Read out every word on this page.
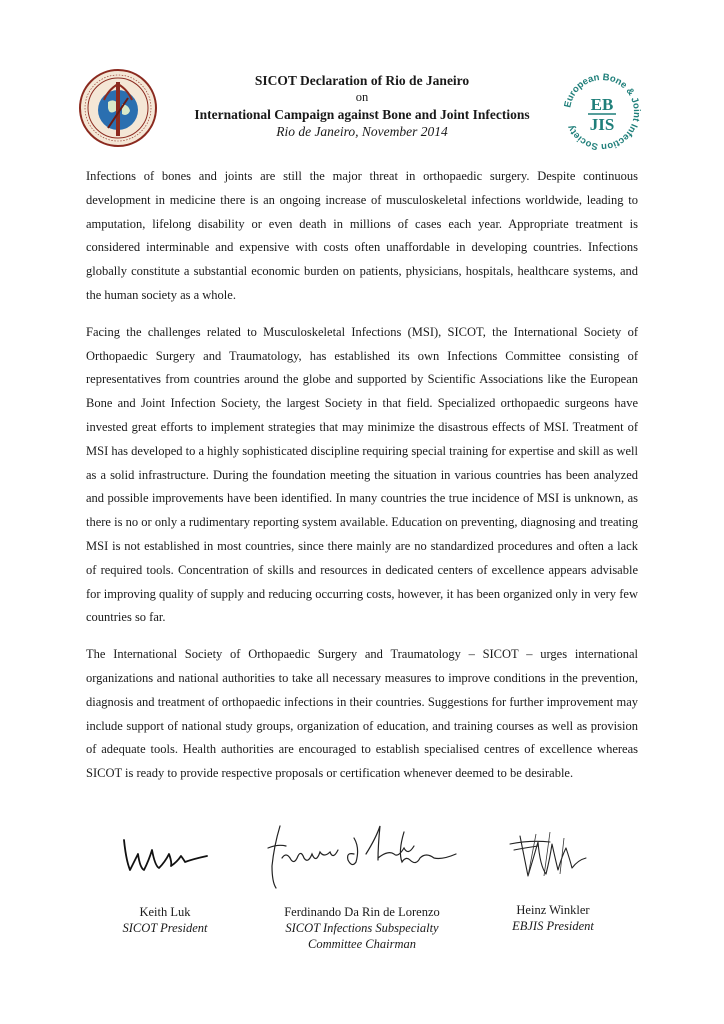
SICOT Declaration of Rio de Janeiro
on
International Campaign against Bone and Joint Infections
Rio de Janeiro, November 2014
European Bone & Joint Infection Society
EB
JIS

Infections of bones and joints are still the major threat in orthopaedic surgery. Despite continuous development in medicine there is an ongoing increase of musculoskeletal infections worldwide, leading to amputation, lifelong disability or even death in millions of cases each year. Appropriate treatment is considered interminable and expensive with costs often unaffordable in developing countries. Infections globally constitute a substantial economic burden on patients, physicians, hospitals, healthcare systems, and the human society as a whole.

Facing the challenges related to Musculoskeletal Infections (MSI), SICOT, the International Society of Orthopaedic Surgery and Traumatology, has established its own Infections Committee consisting of representatives from countries around the globe and supported by Scientific Associations like the European Bone and Joint Infection Society, the largest Society in that field. Specialized orthopaedic surgeons have invested great efforts to implement strategies that may minimize the disastrous effects of MSI. Treatment of MSI has developed to a highly sophisticated discipline requiring special training for expertise and skill as well as a solid infrastructure. During the foundation meeting the situation in various countries has been analyzed and possible improvements have been identified. In many countries the true incidence of MSI is unknown, as there is no or only a rudimentary reporting system available. Education on preventing, diagnosing and treating MSI is not established in most countries, since there mainly are no standardized procedures and often a lack of required tools. Concentration of skills and resources in dedicated centers of excellence appears advisable for improving quality of supply and reducing occurring costs, however, it has been organized only in very few countries so far.

The International Society of Orthopaedic Surgery and Traumatology – SICOT – urges international organizations and national authorities to take all necessary measures to improve conditions in the prevention, diagnosis and treatment of orthopaedic infections in their countries. Suggestions for further improvement may include support of national study groups, organization of education, and training courses as well as provision of adequate tools. Health authorities are encouraged to establish specialised centres of excellence whereas SICOT is ready to provide respective proposals or certification whenever deemed to be desirable.

Keith Luk
SICOT President
Ferdinando Da Rin de Lorenzo
SICOT Infections Subspecialty
Committee Chairman
Heinz Winkler
EBJIS President
